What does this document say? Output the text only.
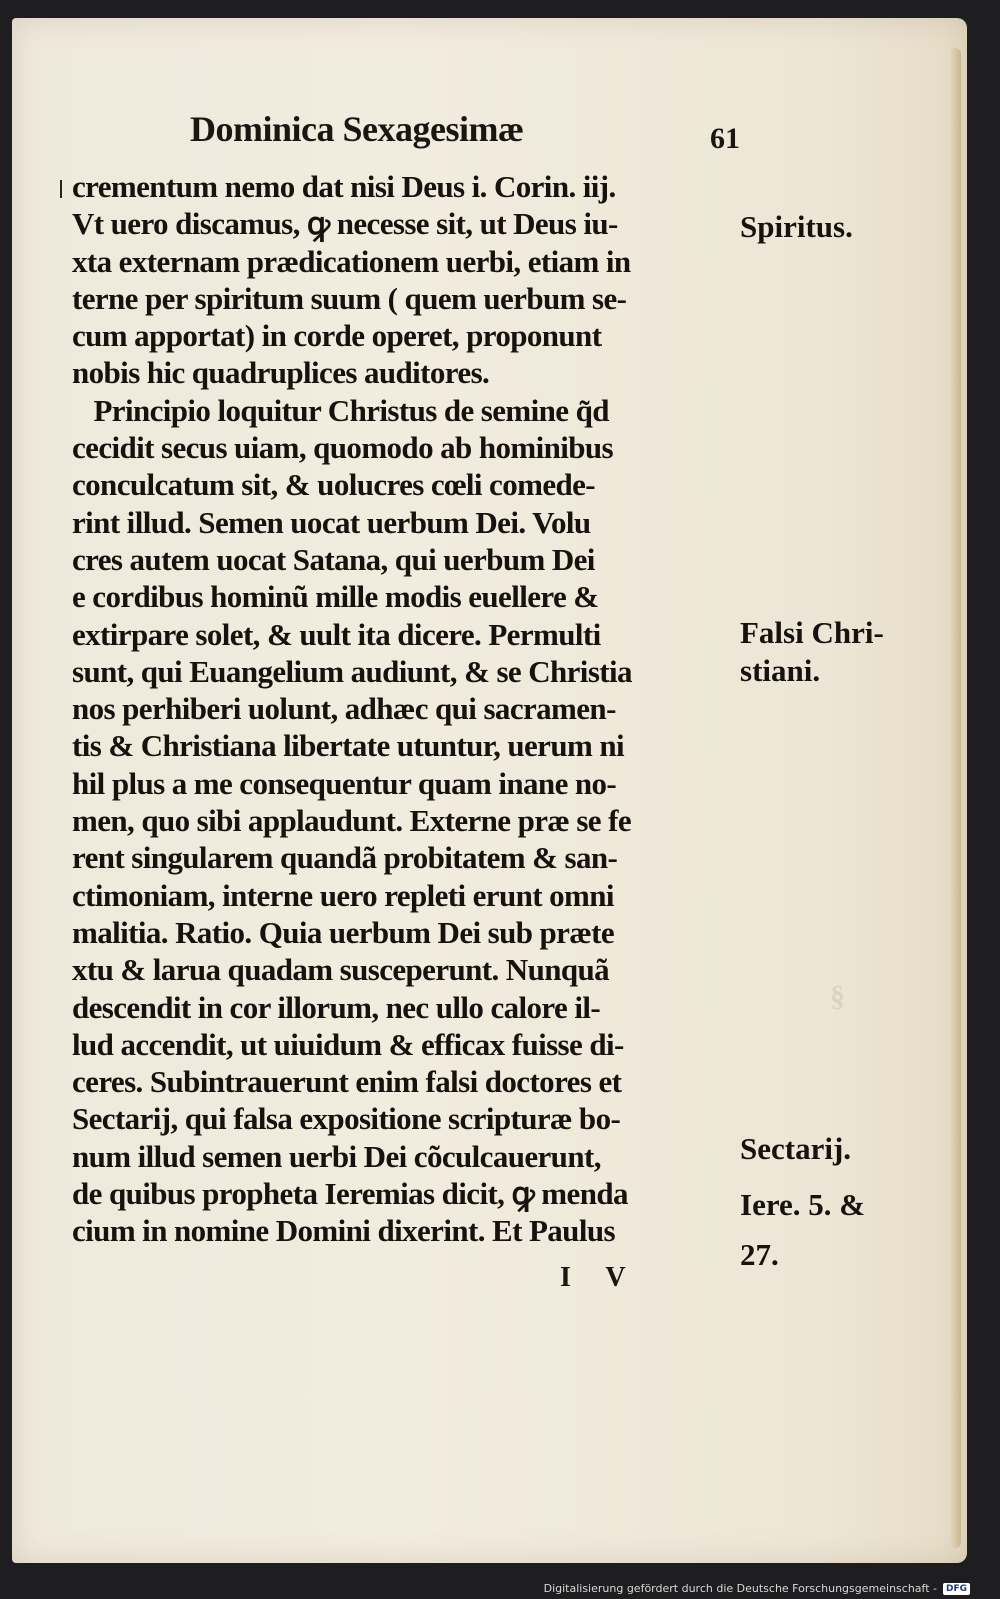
§
Dominica Sexagesimæ	61
crementum nemo dat nisi Deus i. Corin. iij.
Vt uero discamus, ꝙ necesse sit, ut Deus iu-
xta externam prædicationem uerbi, etiam in
terne per spiritum suum ( quem uerbum se-
cum apportat) in corde operet, proponunt
nobis hic quadruplices auditores.
Principio loquitur Christus de semine q̃d
cecidit secus uiam, quomodo ab hominibus
conculcatum sit, & uolucres cœli comede-
rint illud. Semen uocat uerbum Dei. Volu
cres autem uocat Satana, qui uerbum Dei
e cordibus hominũ mille modis euellere &
extirpare solet, & uult ita dicere. Permulti
sunt, qui Euangelium audiunt, & se Christia
nos perhiberi uolunt, adhæc qui sacramen-
tis & Christiana libertate utuntur, uerum ni
hil plus a me consequentur quam inane no-
men, quo sibi applaudunt. Externe præ se fe
rent singularem quandã probitatem & san-
ctimoniam, interne uero repleti erunt omni
malitia. Ratio. Quia uerbum Dei sub præte
xtu & larua quadam susceperunt. Nunquã
descendit in cor illorum, nec ullo calore il-
lud accendit, ut uiuidum & efficax fuisse di-
ceres. Subintrauerunt enim falsi doctores et
Sectarij, qui falsa expositione scripturæ bo-
num illud semen uerbi Dei cõculcauerunt,
de quibus propheta Ieremias dicit, ꝙ menda
cium in nomine Domini dixerint. Et Paulus
Spiritus.
Falsi Chri-
stiani.
Sectarij.
Iere. 5. &
27.
I V
Digitalisierung gefördert durch die Deutsche Forschungsgemeinschaft -	DFG
